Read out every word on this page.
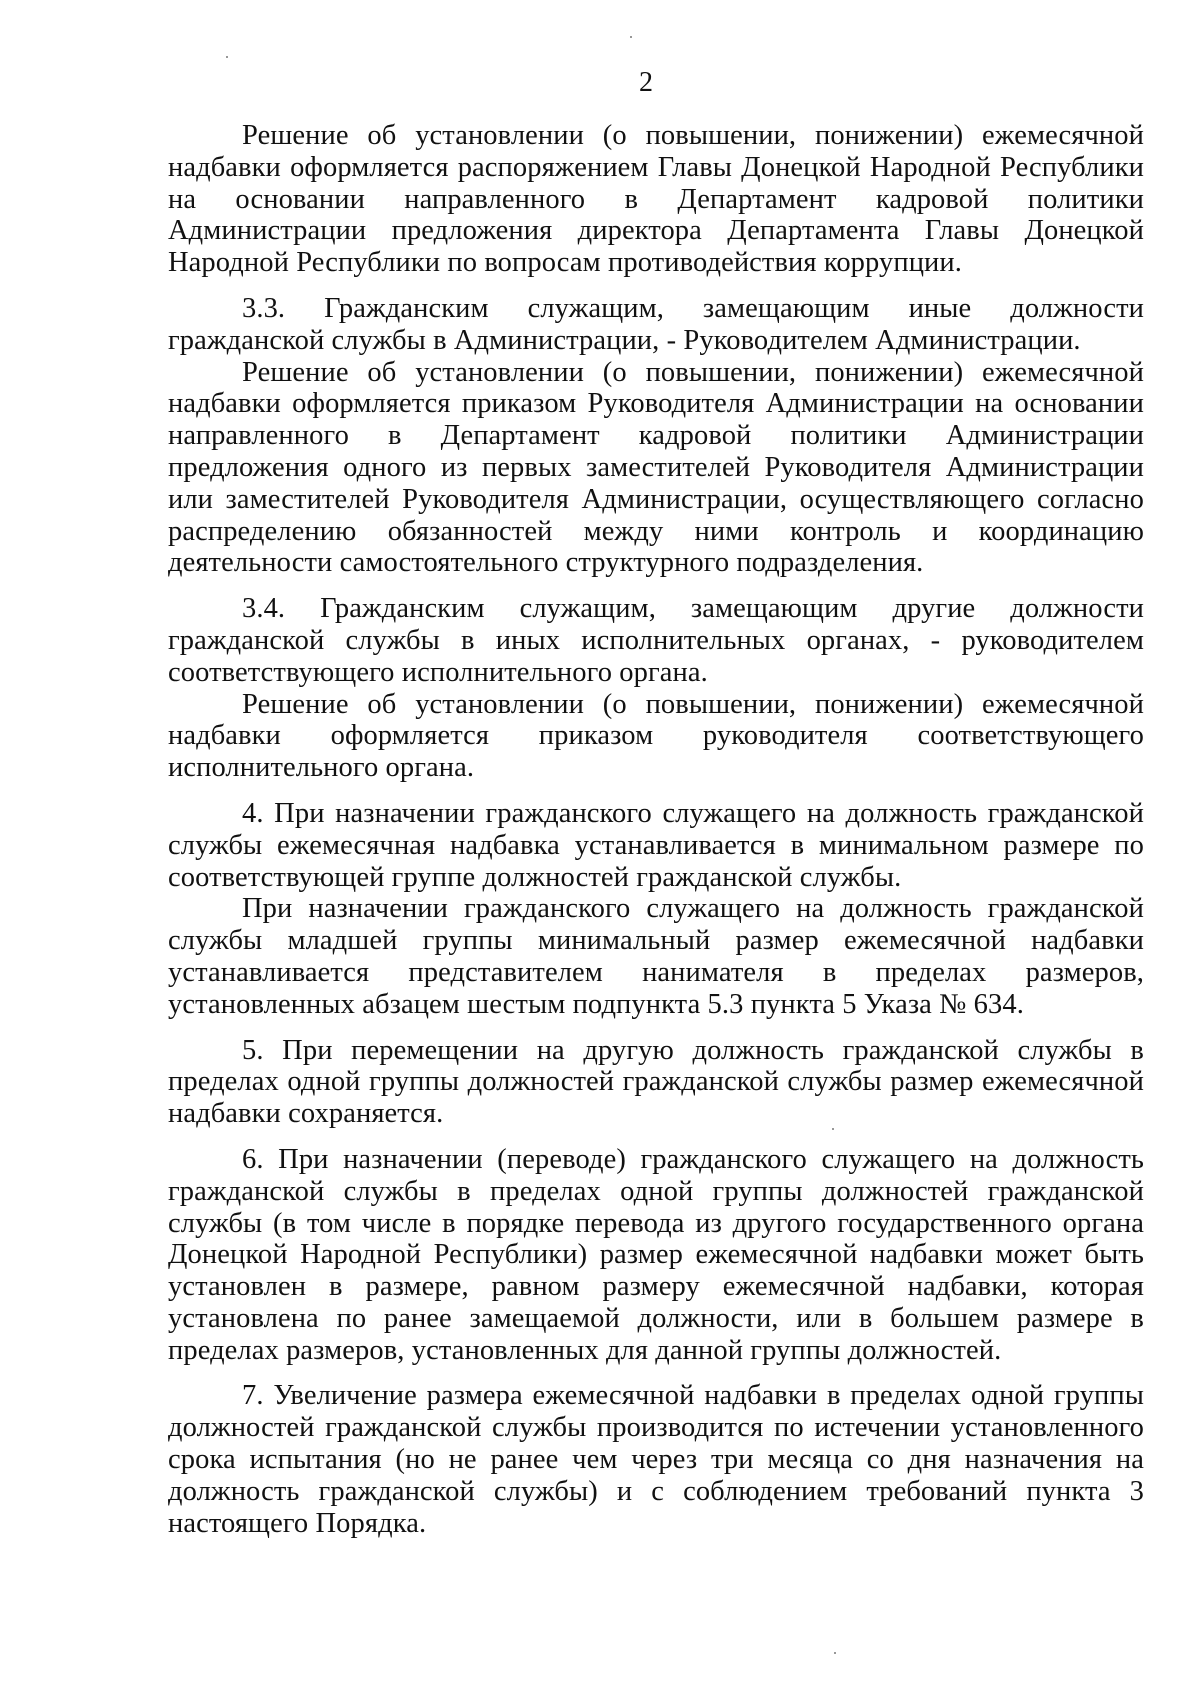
2

Решение об установлении (о повышении, понижении) ежемесячной надбавки оформляется распоряжением Главы Донецкой Народной Республики на основании направленного в Департамент кадровой политики Администрации предложения директора Департамента Главы Донецкой Народной Республики по вопросам противодействия коррупции.

3.3. Гражданским служащим, замещающим иные должности гражданской службы в Администрации, - Руководителем Администрации.

Решение об установлении (о повышении, понижении) ежемесячной надбавки оформляется приказом Руководителя Администрации на основании направленного в Департамент кадровой политики Администрации предложения одного из первых заместителей Руководителя Администрации или заместителей Руководителя Администрации, осуществляющего согласно распределению обязанностей между ними контроль и координацию деятельности самостоятельного структурного подразделения.

3.4. Гражданским служащим, замещающим другие должности гражданской службы в иных исполнительных органах, - руководителем соответствующего исполнительного органа.

Решение об установлении (о повышении, понижении) ежемесячной надбавки оформляется приказом руководителя соответствующего исполнительного органа.

4. При назначении гражданского служащего на должность гражданской службы ежемесячная надбавка устанавливается в минимальном размере по соответствующей группе должностей гражданской службы.

При назначении гражданского служащего на должность гражданской службы младшей группы минимальный размер ежемесячной надбавки устанавливается представителем нанимателя в пределах размеров, установленных абзацем шестым подпункта 5.3 пункта 5 Указа № 634.

5. При перемещении на другую должность гражданской службы в пределах одной группы должностей гражданской службы размер ежемесячной надбавки сохраняется.

6. При назначении (переводе) гражданского служащего на должность гражданской службы в пределах одной группы должностей гражданской службы (в том числе в порядке перевода из другого государственного органа Донецкой Народной Республики) размер ежемесячной надбавки может быть установлен в размере, равном размеру ежемесячной надбавки, которая установлена по ранее замещаемой должности, или в большем размере в пределах размеров, установленных для данной группы должностей.

7. Увеличение размера ежемесячной надбавки в пределах одной группы должностей гражданской службы производится по истечении установленного срока испытания (но не ранее чем через три месяца со дня назначения на должность гражданской службы) и с соблюдением требований пункта 3 настоящего Порядка.
